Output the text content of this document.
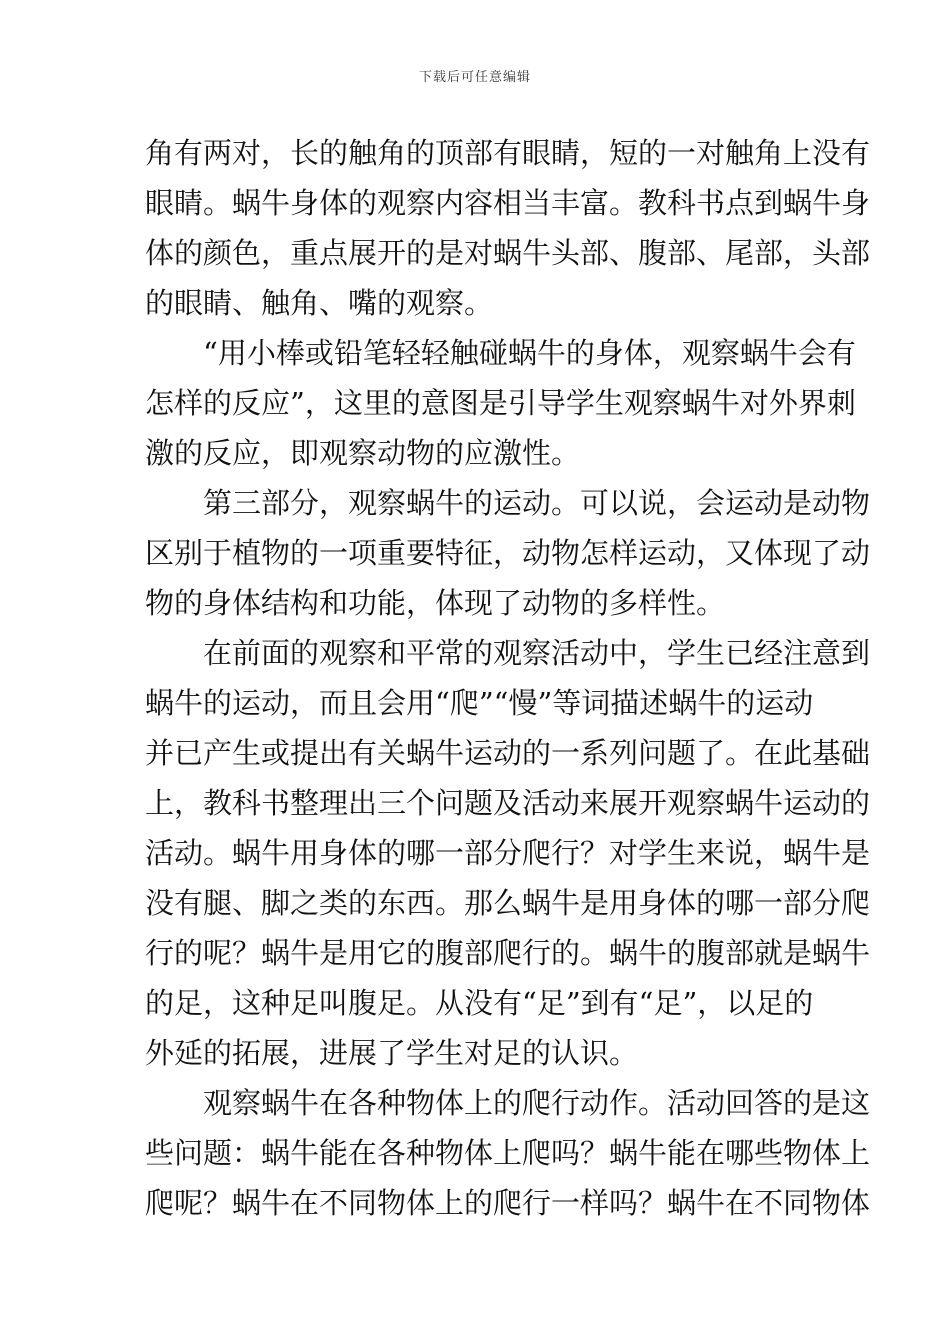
下载后可任意编辑
角有两对，长的触角的顶部有眼睛，短的一对触角上没有
眼睛。蜗牛身体的观察内容相当丰富。教科书点到蜗牛身
体的颜色，重点展开的是对蜗牛头部、腹部、尾部，头部
的眼睛、触角、嘴的观察。
“用小棒或铅笔轻轻触碰蜗牛的身体，观察蜗牛会有
怎样的反应”，这里的意图是引导学生观察蜗牛对外界刺
激的反应，即观察动物的应激性。
第三部分，观察蜗牛的运动。可以说，会运动是动物
区别于植物的一项重要特征，动物怎样运动，又体现了动
物的身体结构和功能，体现了动物的多样性。
在前面的观察和平常的观察活动中，学生已经注意到
蜗牛的运动，而且会用“爬”“慢”等词描述蜗牛的运动
并已产生或提出有关蜗牛运动的一系列问题了。在此基础
上，教科书整理出三个问题及活动来展开观察蜗牛运动的
活动。蜗牛用身体的哪一部分爬行？对学生来说，蜗牛是
没有腿、脚之类的东西。那么蜗牛是用身体的哪一部分爬
行的呢？蜗牛是用它的腹部爬行的。蜗牛的腹部就是蜗牛
的足，这种足叫腹足。从没有“足”到有“足”，以足的
外延的拓展，进展了学生对足的认识。
观察蜗牛在各种物体上的爬行动作。活动回答的是这
些问题：蜗牛能在各种物体上爬吗？蜗牛能在哪些物体上
爬呢？蜗牛在不同物体上的爬行一样吗？蜗牛在不同物体
